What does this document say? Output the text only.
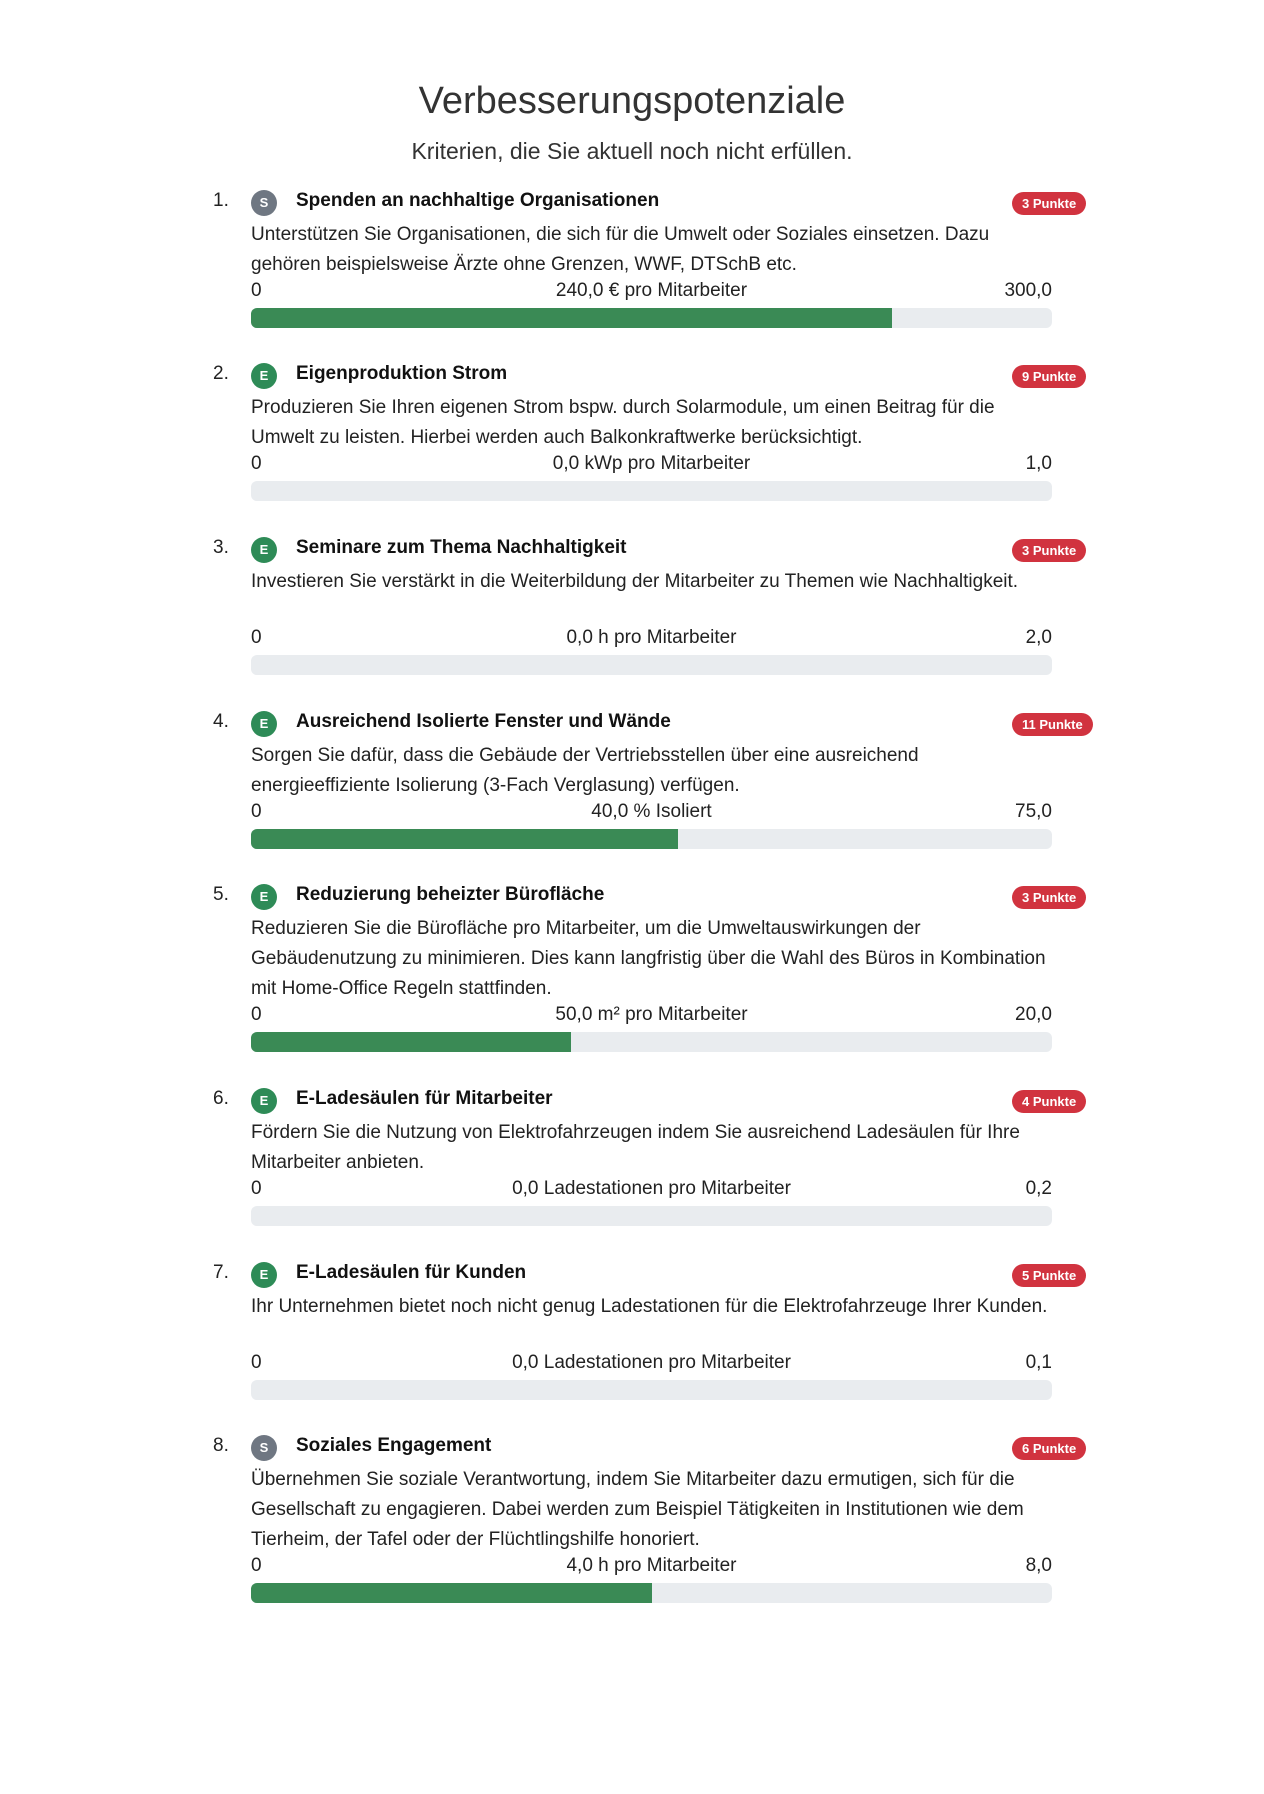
Verbesserungspotenziale

Kriterien, die Sie aktuell noch nicht erfüllen.

1.	S	Spenden an nachhaltige Organisationen	3 Punkte

Unterstützen Sie Organisationen, die sich für die Umwelt oder Soziales einsetzen. Dazu gehören beispielsweise Ärzte ohne Grenzen, WWF, DTSchB etc.

0	240,0 € pro Mitarbeiter	300,0
2.	E	Eigenproduktion Strom	9 Punkte

Produzieren Sie Ihren eigenen Strom bspw. durch Solarmodule, um einen Beitrag für die Umwelt zu leisten. Hierbei werden auch Balkonkraftwerke berücksichtigt.

0	0,0 kWp pro Mitarbeiter	1,0
3.	E	Seminare zum Thema Nachhaltigkeit	3 Punkte

Investieren Sie verstärkt in die Weiterbildung der Mitarbeiter zu Themen wie Nachhaltigkeit.

0	0,0 h pro Mitarbeiter	2,0
4.	E	Ausreichend Isolierte Fenster und Wände	11 Punkte

Sorgen Sie dafür, dass die Gebäude der Vertriebsstellen über eine ausreichend energieeffiziente Isolierung (3-Fach Verglasung) verfügen.

0	40,0 % Isoliert	75,0
5.	E	Reduzierung beheizter Bürofläche	3 Punkte

Reduzieren Sie die Bürofläche pro Mitarbeiter, um die Umweltauswirkungen der Gebäudenutzung zu minimieren. Dies kann langfristig über die Wahl des Büros in Kombination mit Home-Office Regeln stattfinden.

0	50,0 m² pro Mitarbeiter	20,0
6.	E	E-Ladesäulen für Mitarbeiter	4 Punkte

Fördern Sie die Nutzung von Elektrofahrzeugen indem Sie ausreichend Ladesäulen für Ihre Mitarbeiter anbieten.

0	0,0 Ladestationen pro Mitarbeiter	0,2
7.	E	E-Ladesäulen für Kunden	5 Punkte

Ihr Unternehmen bietet noch nicht genug Ladestationen für die Elektrofahrzeuge Ihrer Kunden.

0	0,0 Ladestationen pro Mitarbeiter	0,1
8.	S	Soziales Engagement	6 Punkte

Übernehmen Sie soziale Verantwortung, indem Sie Mitarbeiter dazu ermutigen, sich für die Gesellschaft zu engagieren. Dabei werden zum Beispiel Tätigkeiten in Institutionen wie dem Tierheim, der Tafel oder der Flüchtlingshilfe honoriert.

0	4,0 h pro Mitarbeiter	8,0
